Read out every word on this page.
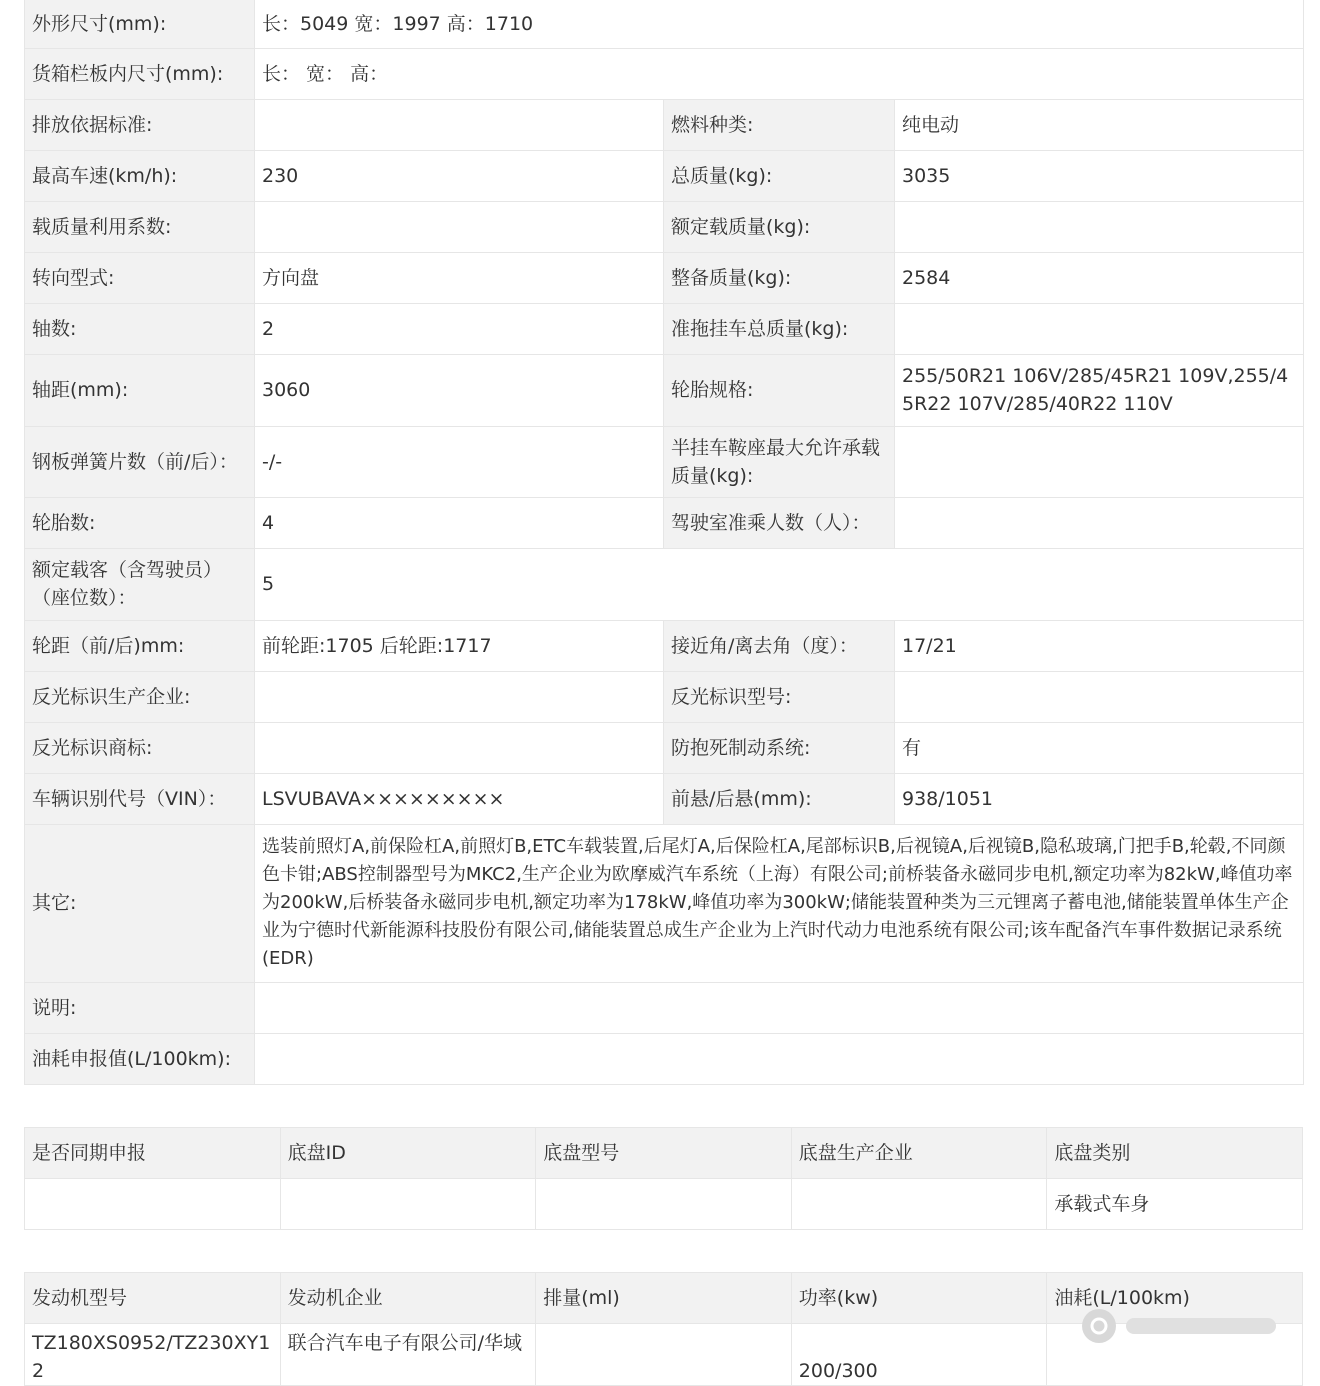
外形尺寸(mm):	长：5049 宽：1997 高：1710		
货箱栏板内尺寸(mm):	长： 宽： 高：		
排放依据标准:		燃料种类:	纯电动
最高车速(km/h):	230	总质量(kg):	3035
载质量利用系数:		额定载质量(kg):	
转向型式:	方向盘	整备质量(kg):	2584
轴数:	2	准拖挂车总质量(kg):	
轴距(mm):	3060	轮胎规格:	255/50R21 106V/285/45R21 109V,255/45R22 107V/285/40R22 110V
钢板弹簧片数（前/后）：	-/-	半挂车鞍座最大允许承载质量(kg):	
轮胎数:	4	驾驶室准乘人数（人）：	
额定载客（含驾驶员）（座位数）：	5		
轮距（前/后)mm:	前轮距:1705 后轮距:1717	接近角/离去角（度）：	17/21
反光标识生产企业:		反光标识型号:	
反光标识商标:		防抱死制动系统:	有
车辆识别代号（VIN）：	LSVUBAVA×××××××××	前悬/后悬(mm):	938/1051
其它:	选装前照灯A,前保险杠A,前照灯B,ETC车载装置,后尾灯A,后保险杠A,尾部标识B,后视镜A,后视镜B,隐私玻璃,门把手B,轮毂,不同颜色卡钳;ABS控制器型号为MKC2,生产企业为欧摩威汽车系统（上海）有限公司;前桥装备永磁同步电机,额定功率为82kW,峰值功率为200kW,后桥装备永磁同步电机,额定功率为178kW,峰值功率为300kW;储能装置种类为三元锂离子蓄电池,储能装置单体生产企业为宁德时代新能源科技股份有限公司,储能装置总成生产企业为上汽时代动力电池系统有限公司;该车配备汽车事件数据记录系统(EDR)		
说明:			
油耗申报值(L/100km):			
是否同期申报	底盘ID	底盘型号	底盘生产企业	底盘类别
				承载式车身
发动机型号	发动机企业	排量(ml)	功率(kw)	油耗(L/100km)
TZ180XS0952/TZ230XY12	联合汽车电子有限公司/华域		200/300	
